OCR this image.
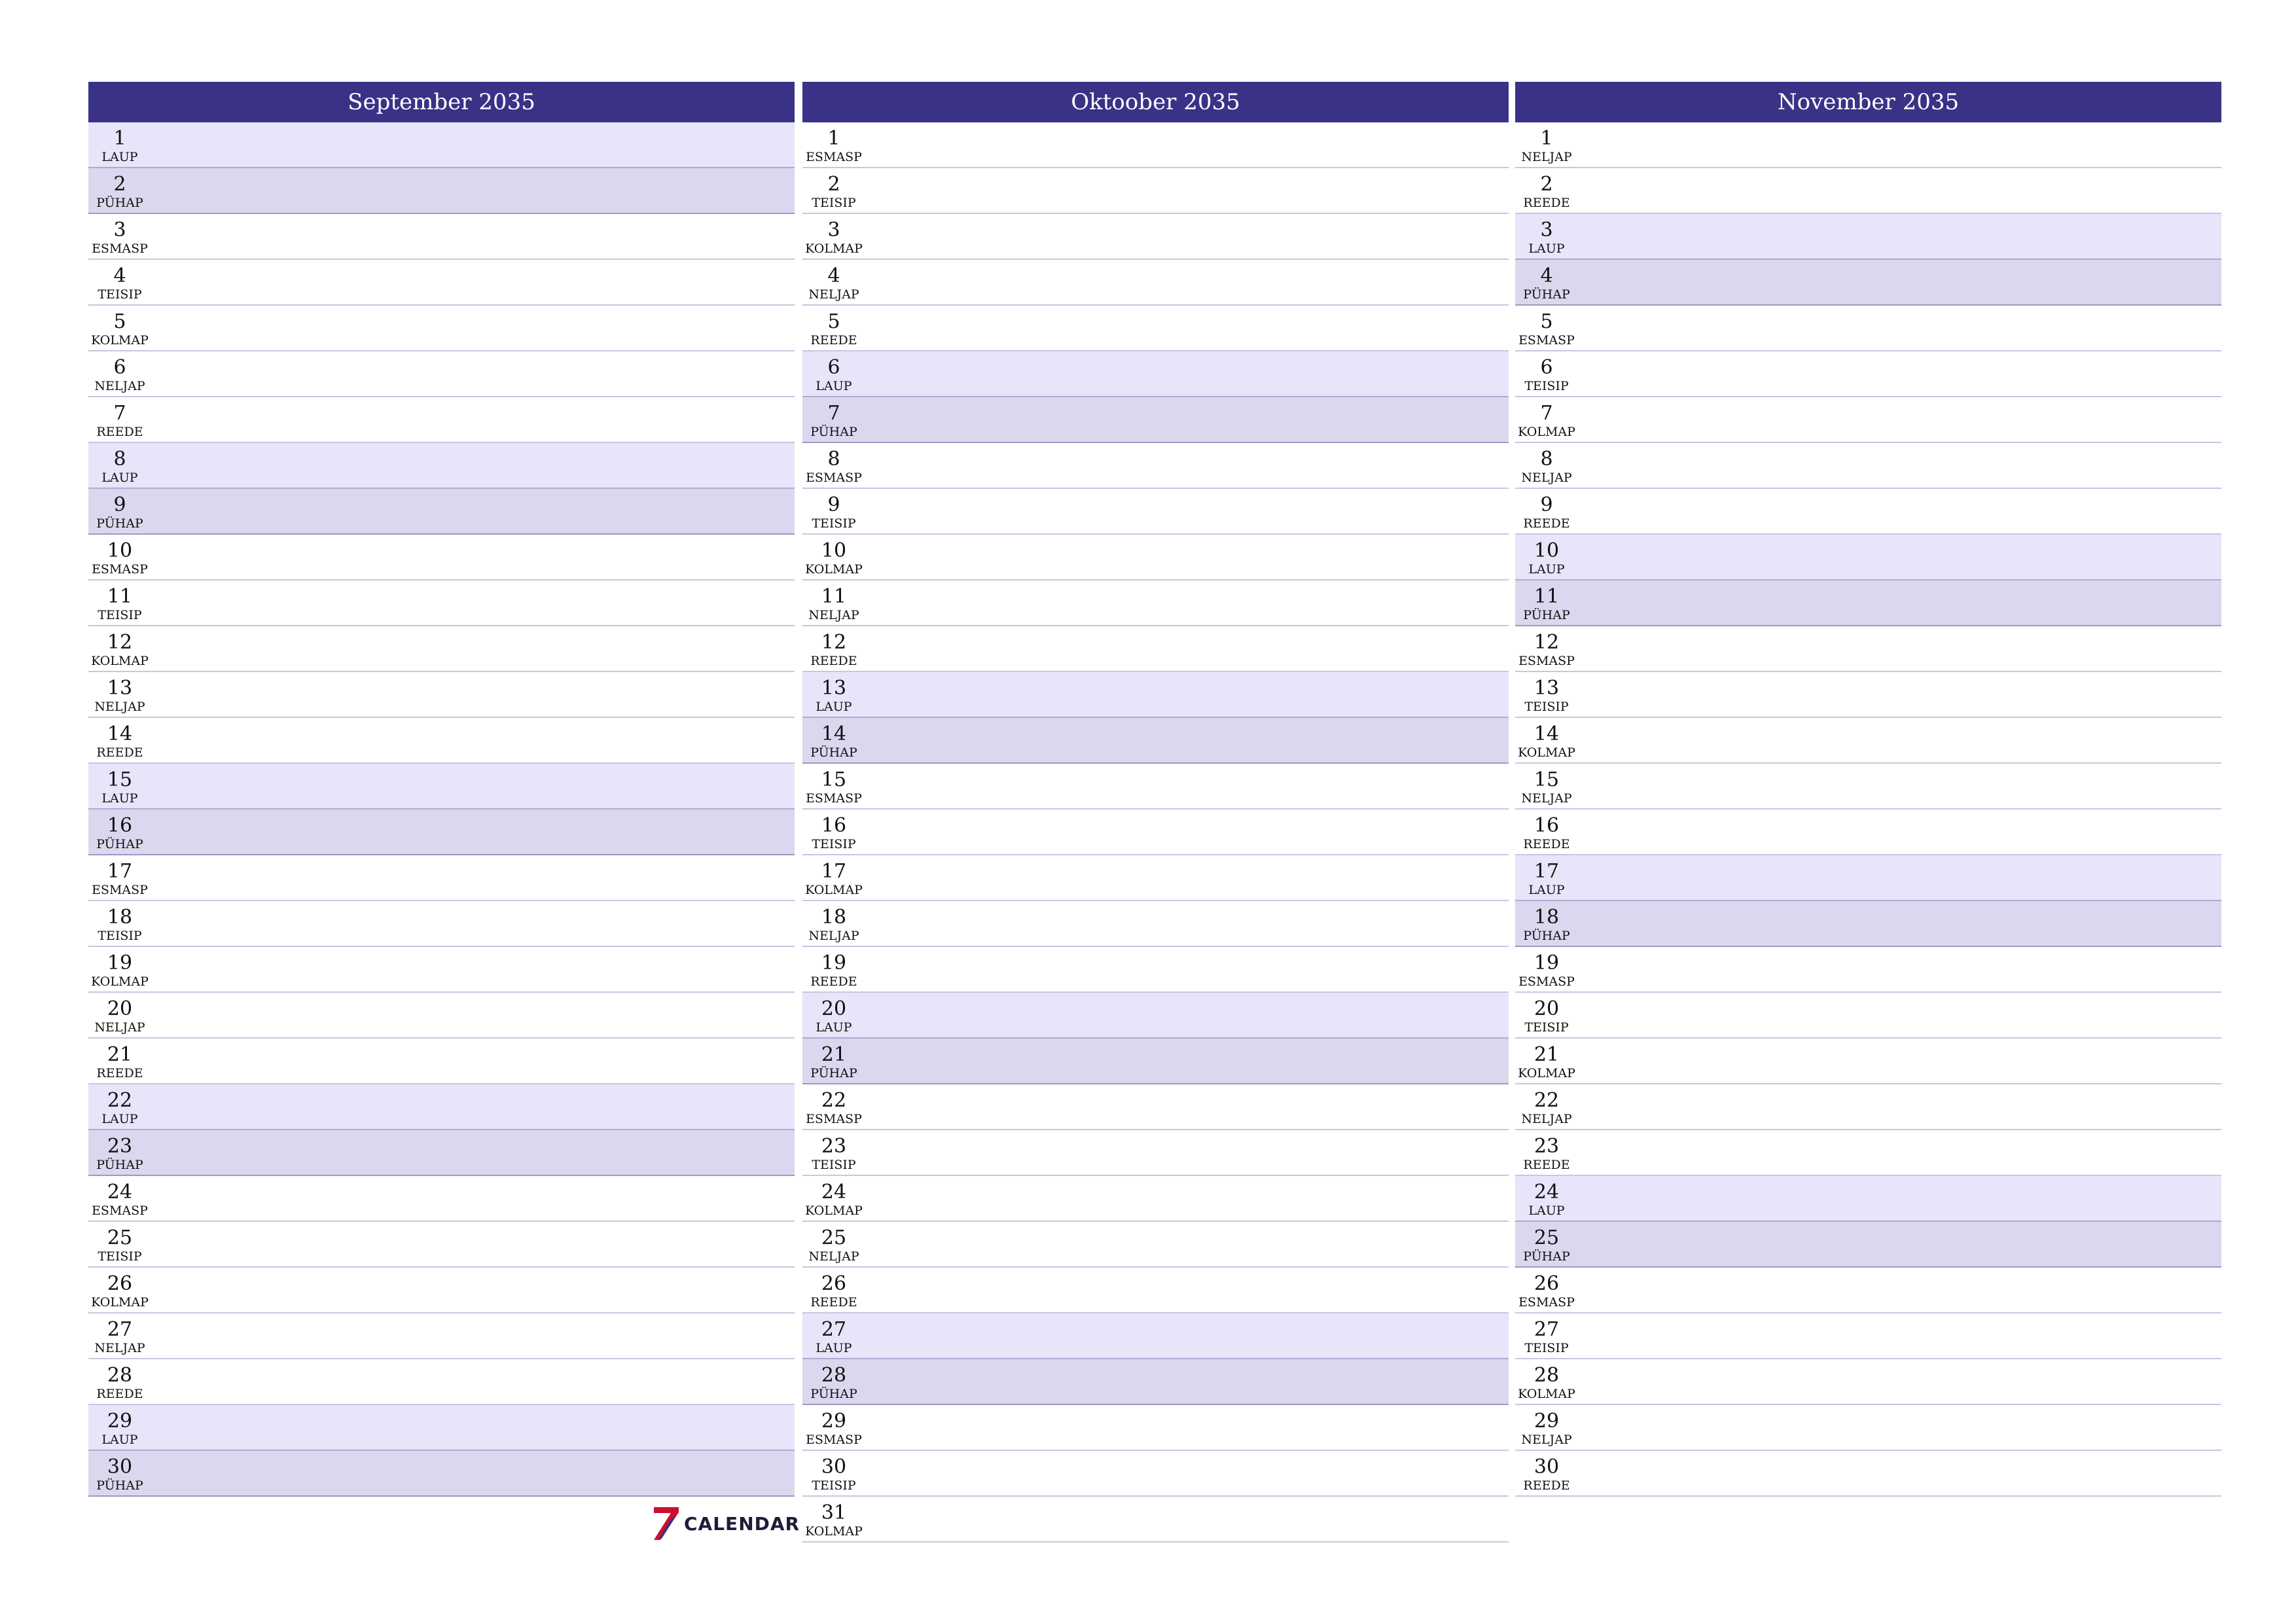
September 2035
1
LAUP
2
PÜHAP
3
ESMASP
4
TEISIP
5
KOLMAP
6
NELJAP
7
REEDE
8
LAUP
9
PÜHAP
10
ESMASP
11
TEISIP
12
KOLMAP
13
NELJAP
14
REEDE
15
LAUP
16
PÜHAP
17
ESMASP
18
TEISIP
19
KOLMAP
20
NELJAP
21
REEDE
22
LAUP
23
PÜHAP
24
ESMASP
25
TEISIP
26
KOLMAP
27
NELJAP
28
REEDE
29
LAUP
30
PÜHAP
Oktoober 2035
1
ESMASP
2
TEISIP
3
KOLMAP
4
NELJAP
5
REEDE
6
LAUP
7
PÜHAP
8
ESMASP
9
TEISIP
10
KOLMAP
11
NELJAP
12
REEDE
13
LAUP
14
PÜHAP
15
ESMASP
16
TEISIP
17
KOLMAP
18
NELJAP
19
REEDE
20
LAUP
21
PÜHAP
22
ESMASP
23
TEISIP
24
KOLMAP
25
NELJAP
26
REEDE
27
LAUP
28
PÜHAP
29
ESMASP
30
TEISIP
31
KOLMAP
November 2035
1
NELJAP
2
REEDE
3
LAUP
4
PÜHAP
5
ESMASP
6
TEISIP
7
KOLMAP
8
NELJAP
9
REEDE
10
LAUP
11
PÜHAP
12
ESMASP
13
TEISIP
14
KOLMAP
15
NELJAP
16
REEDE
17
LAUP
18
PÜHAP
19
ESMASP
20
TEISIP
21
KOLMAP
22
NELJAP
23
REEDE
24
LAUP
25
PÜHAP
26
ESMASP
27
TEISIP
28
KOLMAP
29
NELJAP
30
REEDE
CALENDAR
